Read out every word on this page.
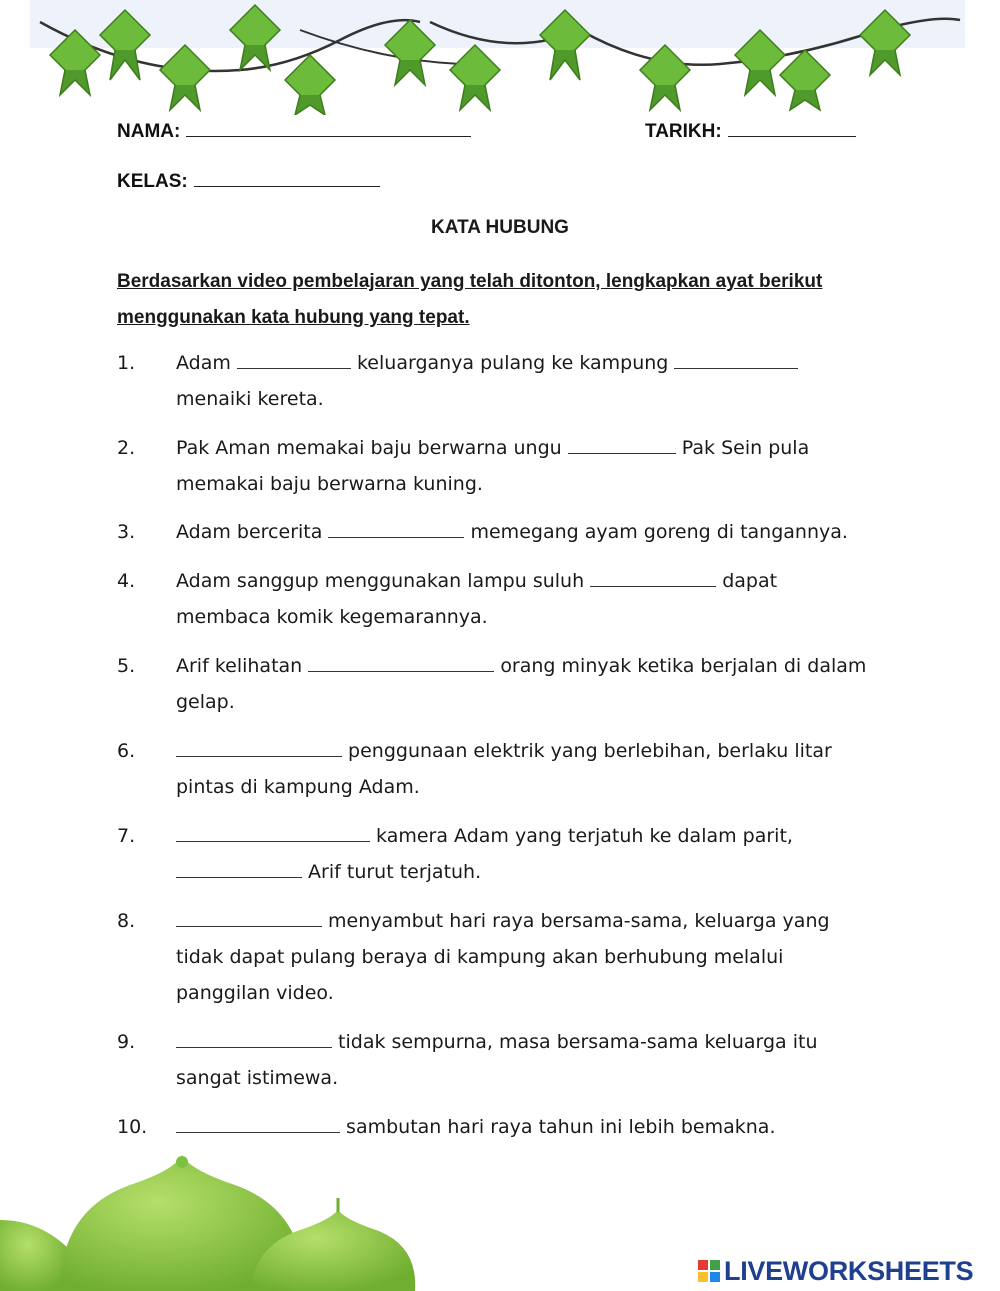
NAMA:	TARIKH:
KELAS:
KATA HUBUNG
Berdasarkan video pembelajaran yang telah ditonton, lengkapkan ayat berikut menggunakan kata hubung yang tepat.
1. Adam	keluarganya pulang ke kampung  menaiki kereta.
2. Pak Aman memakai baju berwarna ungu	Pak Sein pula memakai baju berwarna kuning.
3. Adam bercerita	memegang ayam goreng di tangannya.
4. Adam sanggup menggunakan lampu suluh	dapat membaca komik kegemarannya.
5. Arif kelihatan	orang minyak ketika berjalan di dalam gelap.
6.	penggunaan elektrik yang berlebihan, berlaku litar pintas di kampung Adam.
7.	kamera Adam yang terjatuh ke dalam parit,  Arif turut terjatuh.
8.	menyambut hari raya bersama-sama, keluarga yang tidak dapat pulang beraya di kampung akan berhubung melalui panggilan video.
9.	tidak sempurna, masa bersama-sama keluarga itu sangat istimewa.
10.	sambutan hari raya tahun ini lebih bemakna.
LIVEWORKSHEETS
